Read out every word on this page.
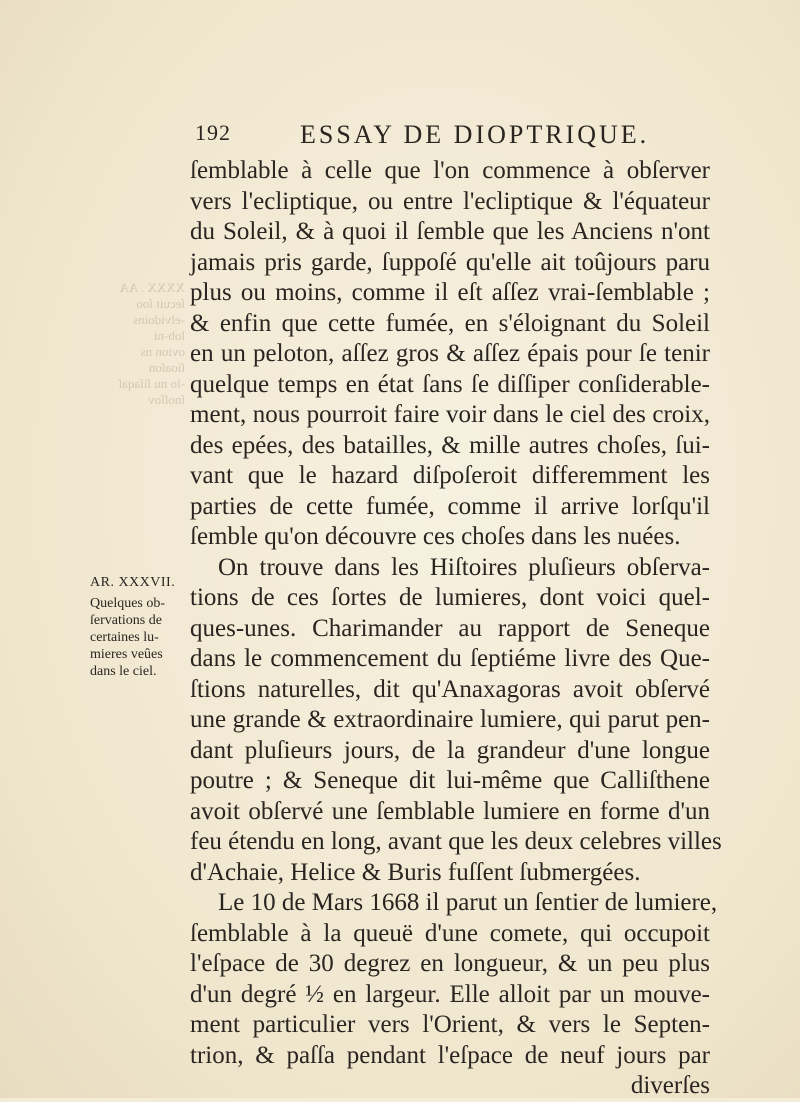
192	ESSAY DE DIOPTRIQUE.
XXXX . AA
ſecuit ſoo
-elvidoins
lob-ni
ovion ns
ſioaſon
-lo nu ſiſaqaſ
ſnoſſov
AR. XXXVII.
Quelques ob-
ſervations de
certaines lu-
mieres veûes
dans le ciel.
ſemblable à celle que l'on commence à obſerver
vers l'ecliptique, ou entre l'ecliptique & l'équateur
du Soleil, & à quoi il ſemble que les Anciens n'ont
jamais pris garde, ſuppoſé qu'elle ait toûjours paru
plus ou moins, comme il eſt aſſez vrai-ſemblable ;
& enfin que cette fumée, en s'éloignant du Soleil
en un peloton, aſſez gros & aſſez épais pour ſe tenir
quelque temps en état ſans ſe diſſiper conſiderable-
ment, nous pourroit faire voir dans le ciel des croix,
des epées, des batailles, & mille autres choſes, ſui-
vant que le hazard diſpoſeroit differemment les
parties de cette fumée, comme il arrive lorſqu'il
ſemble qu'on découvre ces choſes dans les nuées.
On trouve dans les Hiſtoires pluſieurs obſerva-
tions de ces ſortes de lumieres, dont voici quel-
ques-unes. Charimander au rapport de Seneque
dans le commencement du ſeptiéme livre des Que-
ſtions naturelles, dit qu'Anaxagoras avoit obſervé
une grande & extraordinaire lumiere, qui parut pen-
dant pluſieurs jours, de la grandeur d'une longue
poutre ; & Seneque dit lui-même que Calliſthene
avoit obſervé une ſemblable lumiere en forme d'un
feu étendu en long, avant que les deux celebres villes
d'Achaie, Helice & Buris fuſſent ſubmergées.
Le 10 de Mars 1668 il parut un ſentier de lumiere,
ſemblable à la queuë d'une comete, qui occupoit
l'eſpace de 30 degrez en longueur, & un peu plus
d'un degré ½ en largeur. Elle alloit par un mouve-
ment particulier vers l'Orient, & vers le Septen-
trion, & paſſa pendant l'eſpace de neuf jours par
diverſes
